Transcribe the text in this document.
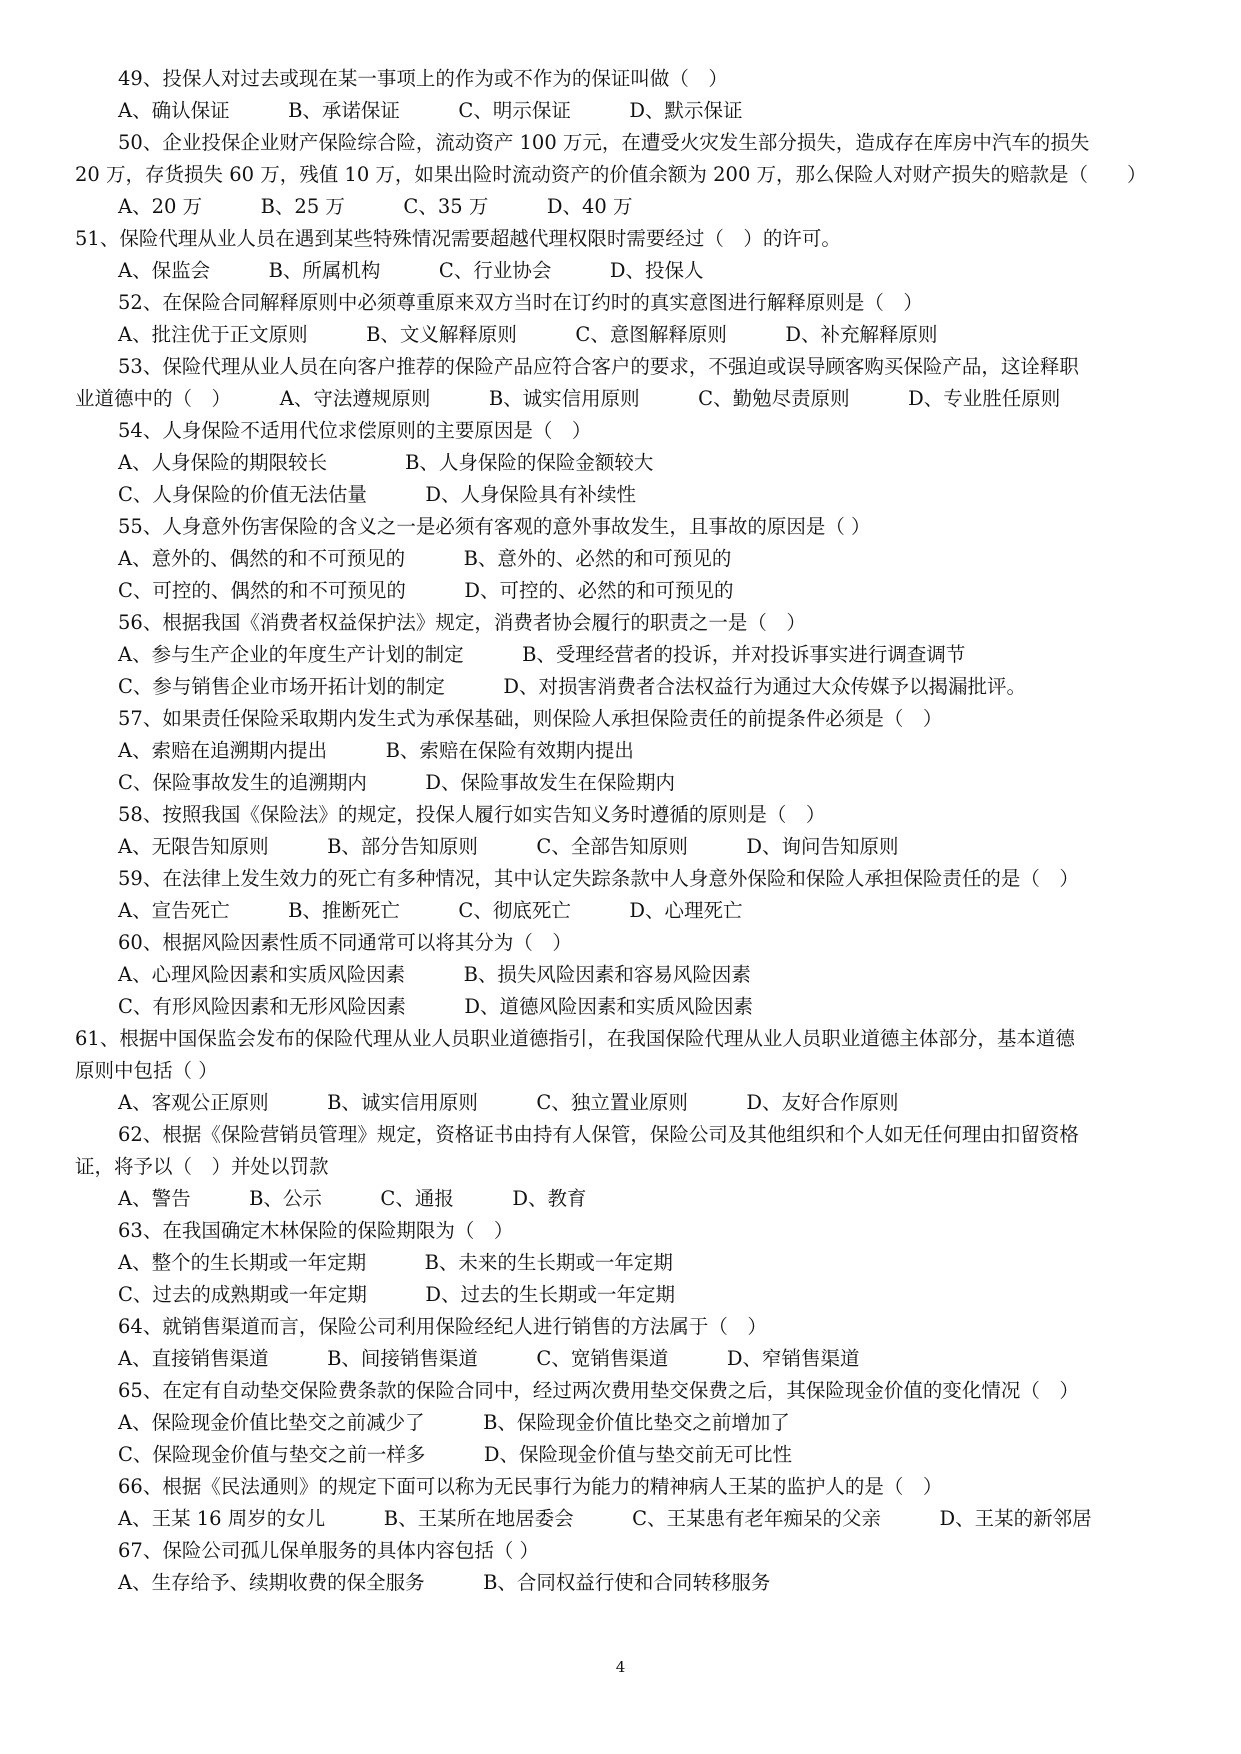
49、投保人对过去或现在某一事项上的作为或不作为的保证叫做（　）
A、确认保证　　　B、承诺保证　　　C、明示保证　　　D、默示保证
50、企业投保企业财产保险综合险，流动资产 100 万元，在遭受火灾发生部分损失，造成存在库房中汽车的损失
20 万，存货损失 60 万，残值 10 万，如果出险时流动资产的价值余额为 200 万，那么保险人对财产损失的赔款是（　　）
A、20 万　　　B、25 万　　　C、35 万　　　D、40 万
51、保险代理从业人员在遇到某些特殊情况需要超越代理权限时需要经过（　）的许可。
A、保监会　　　B、所属机构　　　C、行业协会　　　D、投保人
52、在保险合同解释原则中必须尊重原来双方当时在订约时的真实意图进行解释原则是（　）
A、批注优于正文原则　　　B、文义解释原则　　　C、意图解释原则　　　D、补充解释原则
53、保险代理从业人员在向客户推荐的保险产品应符合客户的要求，不强迫或误导顾客购买保险产品，这诠释职
业道德中的（　）　　　A、守法遵规原则　　　B、诚实信用原则　　　C、勤勉尽责原则　　　D、专业胜任原则
54、人身保险不适用代位求偿原则的主要原因是（　）
A、人身保险的期限较长　　　　B、人身保险的保险金额较大
C、人身保险的价值无法估量　　　D、人身保险具有补续性
55、人身意外伤害保险的含义之一是必须有客观的意外事故发生，且事故的原因是（ ）
A、意外的、偶然的和不可预见的　　　B、意外的、必然的和可预见的
C、可控的、偶然的和不可预见的　　　D、可控的、必然的和可预见的
56、根据我国《消费者权益保护法》规定，消费者协会履行的职责之一是（　）
A、参与生产企业的年度生产计划的制定　　　B、受理经营者的投诉，并对投诉事实进行调查调节
C、参与销售企业市场开拓计划的制定　　　D、对损害消费者合法权益行为通过大众传媒予以揭漏批评。
57、如果责任保险采取期内发生式为承保基础，则保险人承担保险责任的前提条件必须是（　）
A、索赔在追溯期内提出　　　B、索赔在保险有效期内提出
C、保险事故发生的追溯期内　　　D、保险事故发生在保险期内
58、按照我国《保险法》的规定，投保人履行如实告知义务时遵循的原则是（　）
A、无限告知原则　　　B、部分告知原则　　　C、全部告知原则　　　D、询问告知原则
59、在法律上发生效力的死亡有多种情况，其中认定失踪条款中人身意外保险和保险人承担保险责任的是（　）
A、宣告死亡　　　B、推断死亡　　　C、彻底死亡　　　D、心理死亡
60、根据风险因素性质不同通常可以将其分为（　）
A、心理风险因素和实质风险因素　　　B、损失风险因素和容易风险因素
C、有形风险因素和无形风险因素　　　D、道德风险因素和实质风险因素
61、根据中国保监会发布的保险代理从业人员职业道德指引，在我国保险代理从业人员职业道德主体部分，基本道德
原则中包括（ ）
A、客观公正原则　　　B、诚实信用原则　　　C、独立置业原则　　　D、友好合作原则
62、根据《保险营销员管理》规定，资格证书由持有人保管，保险公司及其他组织和个人如无任何理由扣留资格
证，将予以（　）并处以罚款
A、警告　　　B、公示　　　C、通报　　　D、教育
63、在我国确定木林保险的保险期限为（　）
A、整个的生长期或一年定期　　　B、未来的生长期或一年定期
C、过去的成熟期或一年定期　　　D、过去的生长期或一年定期
64、就销售渠道而言，保险公司利用保险经纪人进行销售的方法属于（　）
A、直接销售渠道　　　B、间接销售渠道　　　C、宽销售渠道　　　D、窄销售渠道
65、在定有自动垫交保险费条款的保险合同中，经过两次费用垫交保费之后，其保险现金价值的变化情况（　）
A、保险现金价值比垫交之前减少了　　　B、保险现金价值比垫交之前增加了
C、保险现金价值与垫交之前一样多　　　D、保险现金价值与垫交前无可比性
66、根据《民法通则》的规定下面可以称为无民事行为能力的精神病人王某的监护人的是（　）
A、王某 16 周岁的女儿　　　B、王某所在地居委会　　　C、王某患有老年痴呆的父亲　　　D、王某的新邻居
67、保险公司孤儿保单服务的具体内容包括（ ）
A、生存给予、续期收费的保全服务　　　B、合同权益行使和合同转移服务
4
